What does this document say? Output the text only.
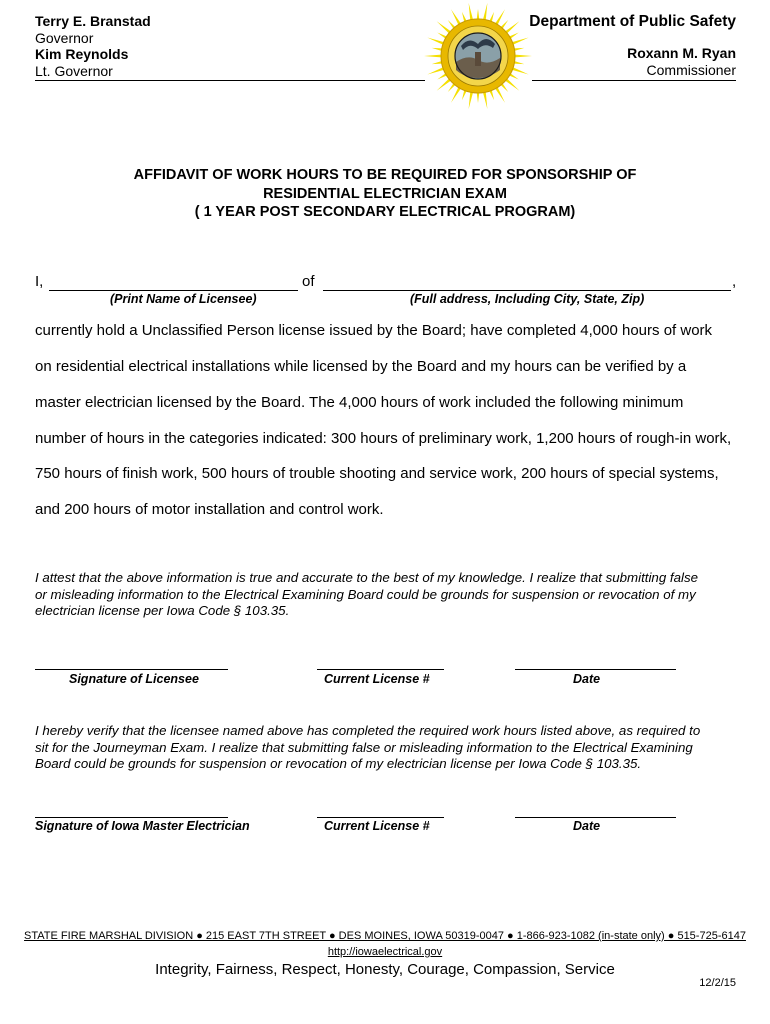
Terry E. Branstad
Governor
Kim Reynolds
Lt. Governor
Department of Public Safety
Roxann M. Ryan
Commissioner
AFFIDAVIT OF WORK HOURS TO BE REQUIRED FOR SPONSORSHIP OF
RESIDENTIAL ELECTRICIAN EXAM
( 1 YEAR POST SECONDARY ELECTRICAL PROGRAM)
I,	of	,
(Print Name of Licensee)	(Full address, Including City, State, Zip)
currently hold a Unclassified Person license issued by the Board; have completed 4,000 hours of work
on residential electrical installations while licensed by the Board and my hours can be verified by a
master electrician licensed by the Board. The 4,000 hours of work included the following minimum
number of hours in the categories indicated: 300 hours of preliminary work, 1,200 hours of rough-in work,
750 hours of finish work, 500 hours of trouble shooting and service work, 200 hours of special systems,
and 200 hours of motor installation and control work.
I attest that the above information is true and accurate to the best of my knowledge. I realize that submitting false
or misleading information to the Electrical Examining Board could be grounds for suspension or revocation of my
electrician license per Iowa Code § 103.35.
Signature of Licensee	Current License #	Date
I hereby verify that the licensee named above has completed the required work hours listed above, as required to
sit for the Journeyman Exam. I realize that submitting false or misleading information to the Electrical Examining
Board could be grounds for suspension or revocation of my electrician license per Iowa Code § 103.35.
Signature of Iowa Master Electrician	Current License #	Date
STATE FIRE MARSHAL DIVISION ● 215 EAST 7TH STREET ● DES MOINES, IOWA 50319-0047 ● 1-866-923-1082 (in-state only) ● 515-725-6147
http://iowaelectrical.gov
Integrity, Fairness, Respect, Honesty, Courage, Compassion, Service
12/2/15
